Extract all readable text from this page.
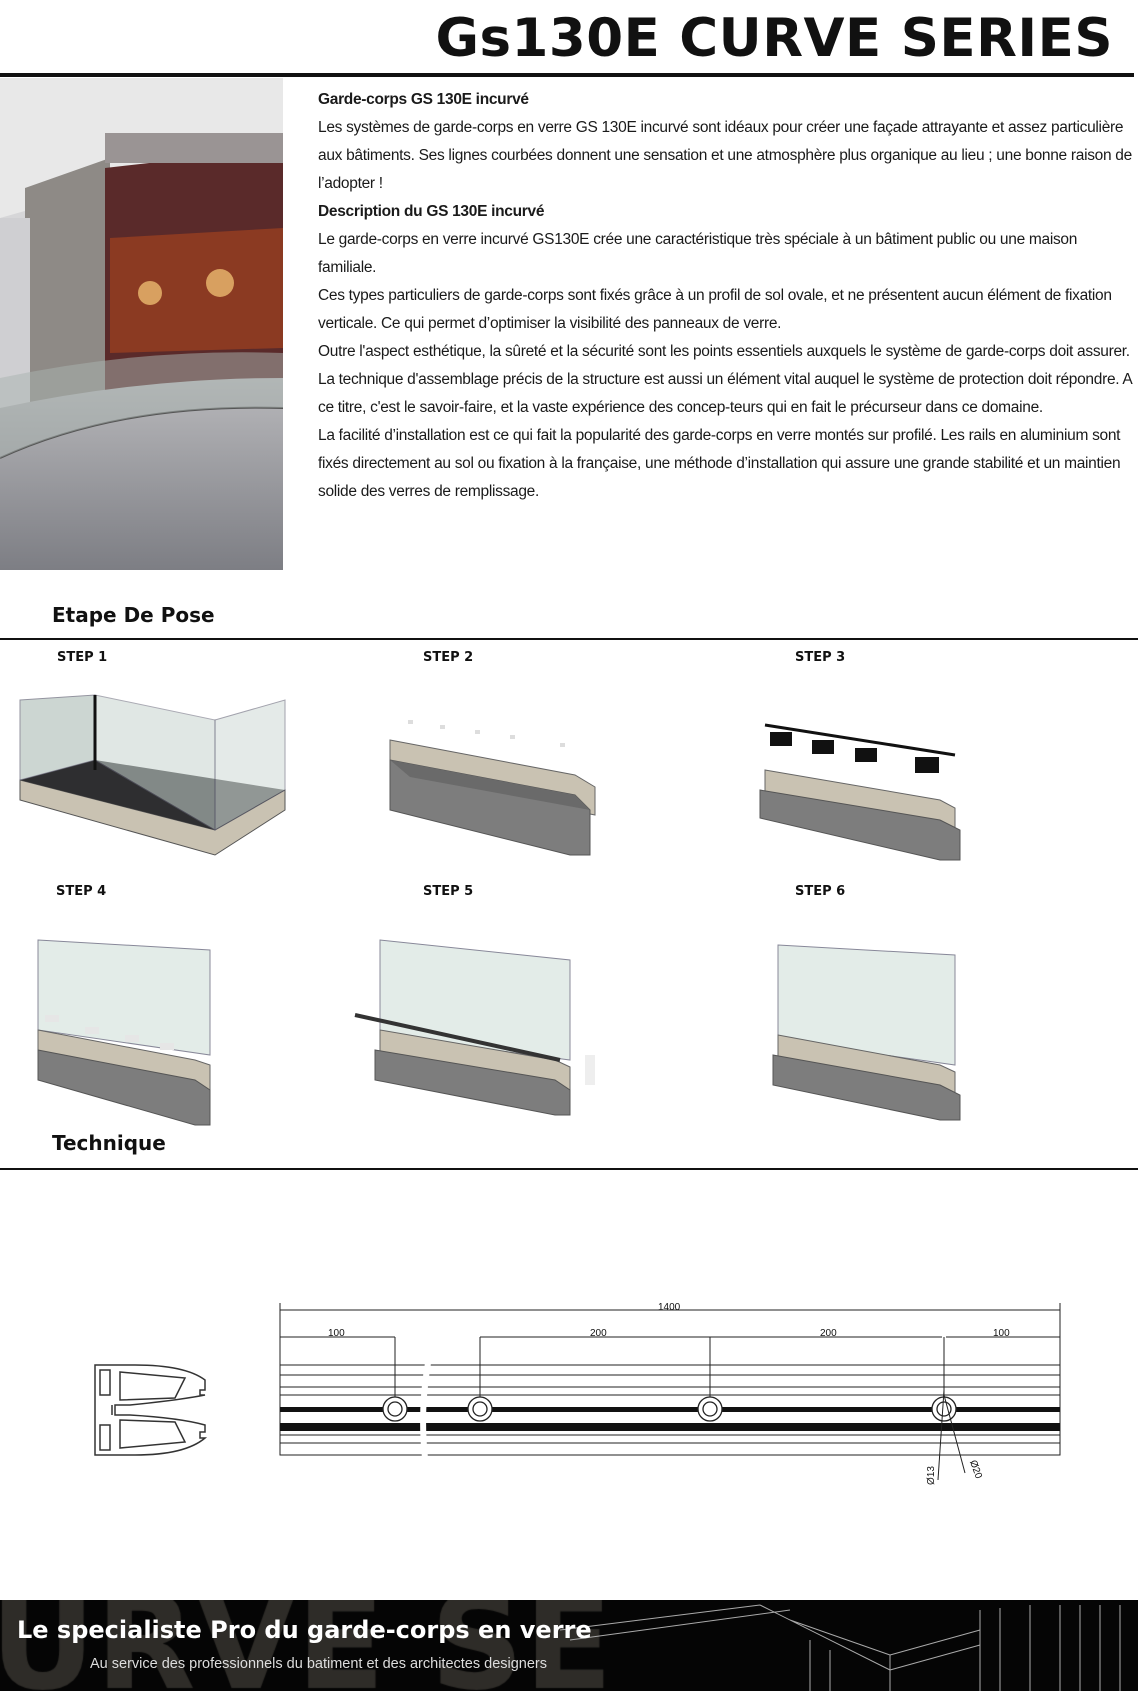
Gs130E CURVE SERIES

Garde-corps GS 130E incurvé

Les systèmes de garde-corps en verre GS 130E incurvé sont idéaux pour créer une façade attrayante et assez particulière aux bâtiments. Ses lignes courbées donnent une sensation et une atmosphère plus organique au lieu ; une bonne raison de l’adopter !

Description du GS 130E incurvé

Le garde-corps en verre incurvé GS130E crée une caractéristique très spéciale à un bâtiment public ou une maison familiale.

Ces types particuliers de garde-corps sont fixés grâce à un profil de sol ovale, et ne présentent aucun élément de fixation verticale. Ce qui permet d’optimiser la visibilité des panneaux de verre.

Outre l'aspect esthétique, la sûreté et la sécurité sont les points essentiels auxquels le système de garde-corps doit assurer. La technique d'assemblage précis de la structure est aussi un élément vital auquel le système de protection doit répondre. A ce titre, c'est le savoir-faire, et la vaste expérience des concep-teurs qui en fait le précurseur dans ce domaine.

La facilité d’installation est ce qui fait la popularité des garde-corps en verre montés sur profilé. Les rails en aluminium sont fixés directement au sol ou fixation à la française, une méthode d’installation qui assure une grande stabilité et un maintien solide des verres de remplissage.

Etape De Pose
STEP 1	STEP 2	STEP 3
STEP 4	STEP 5	STEP 6
Technique
1400
100	200	200	100
Ø13	Ø20
Le specialiste Pro du garde-corps en verre
Au service des professionnels du batiment et des architectes designers
